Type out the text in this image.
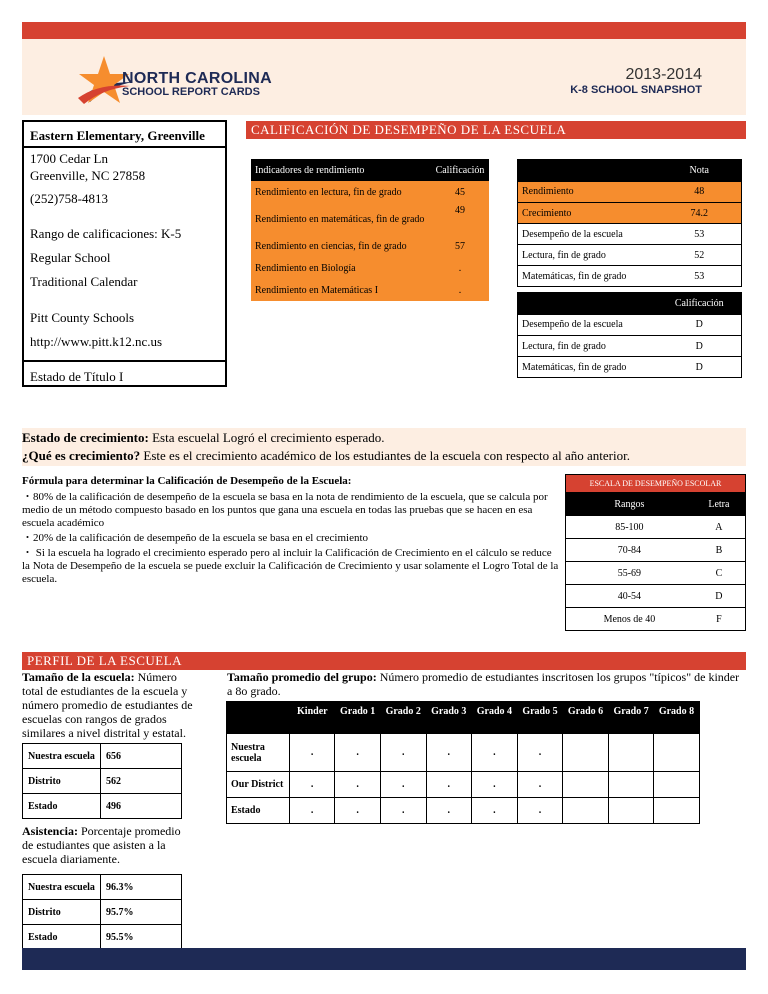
NORTH CAROLINA
SCHOOL REPORT CARDS
2013-2014
K-8 SCHOOL SNAPSHOT
Eastern Elementary, Greenville
1700 Cedar Ln
Greenville, NC 27858
(252)758-4813
Rango de calificaciones: K-5
Regular School
Traditional Calendar
Pitt County Schools
http://www.pitt.k12.nc.us
Estado de Título I
CALIFICACIÓN DE DESEMPEÑO DE LA ESCUELA
Indicadores de rendimiento	Calificación
Rendimiento en lectura, fin de grado	45
Rendimiento en matemáticas, fin de grado	49
Rendimiento en ciencias, fin de grado	57
Rendimiento en Biología	.
Rendimiento en Matemáticas I	.
	Nota
Rendimiento	48
Crecimiento	74.2
Desempeño de la escuela	53
Lectura, fin de grado	52
Matemáticas, fin de grado	53
	Calificación
Desempeño de la escuela	D
Lectura, fin de grado	D
Matemáticas, fin de grado	D
Estado de crecimiento: Esta escuelal Logró el crecimiento esperado.
¿Qué es crecimiento? Este es el crecimiento académico de los estudiantes de la escuela con respecto al año anterior.
Fórmula para determinar la Calificación de Desempeño de la Escuela:
・80% de la calificación de desempeño de la escuela se basa en la nota de rendimiento de la escuela, que se calcula por medio de un método compuesto basado en los puntos que gana una escuela en todas las pruebas que se hacen en esa escuela académico
・20% de la calificación de desempeño de la escuela se basa en el crecimiento
・ Si la escuela ha logrado el crecimiento esperado pero al incluir la Calificación de Crecimiento en el cálculo se reduce la Nota de Desempeño de la escuela se puede excluir la Calificación de Crecimiento y usar solamente el Logro Total de la escuela.
ESCALA DE DESEMPEÑO ESCOLAR	
Rangos	Letra
85-100	A
70-84	B
55-69	C
40-54	D
Menos de 40	F
PERFIL DE LA ESCUELA
Tamaño de la escuela: Número total de estudiantes de la escuela y número promedio de estudiantes de escuelas con rangos de grados similares a nivel distrital y estatal.
Nuestra escuela	656
Distrito	562
Estado	496
Tamaño promedio del grupo: Número promedio de estudiantes inscritosen los grupos "típicos" de kinder a 8o grado.
	Kinder	Grado 1	Grado 2	Grado 3	Grado 4	Grado 5	Grado 6	Grado 7	Grado 8
Nuestra escuela	.	.	.	.	.	.			
Our District	.	.	.	.	.	.			
Estado	.	.	.	.	.	.			
Asistencia: Porcentaje promedio de estudiantes que asisten a la escuela diariamente.
Nuestra escuela	96.3%
Distrito	95.7%
Estado	95.5%
